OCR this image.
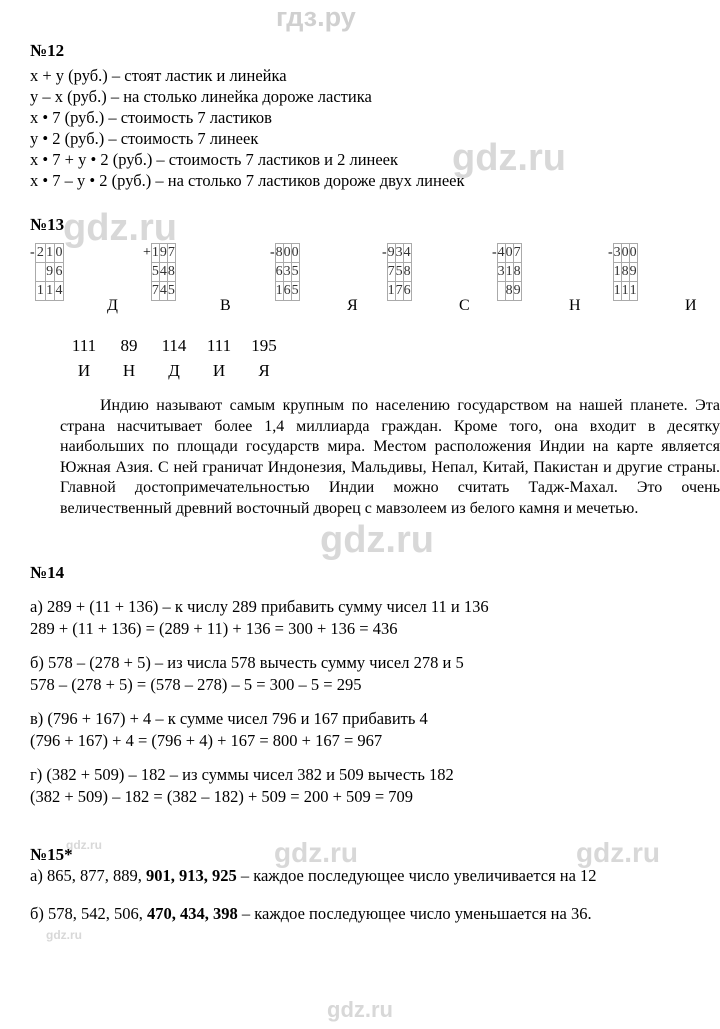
гдз.ру
gdz.ru
gdz.ru
gdz.ru
gdz.ru	gdz.ru
gdz.ru
gdz.ru
gdz.ru
№12
x + y (руб.) – стоят ластик и линейка
y – x (руб.) – на столько линейка дороже ластика
x • 7 (руб.) – стоимость 7 ластиков
y • 2 (руб.) – стоимость 7 линеек
x • 7 + y • 2 (руб.) – стоимость 7 ластиков и 2 линеек
x • 7 – y • 2 (руб.) – на столько 7 ластиков дороже двух линеек
№13
-	2	1	0
		9	6
	1	1	4
Д
+	1	9	7
	5	4	8
	7	4	5
В
-	8	0	0
	6	3	5
	1	6	5
Я
-	9	3	4
	7	5	8
	1	7	6
С
-	4	0	7
	3	1	8
		8	9
Н
-	3	0	0
	1	8	9
	1	1	1
И
111 89 114 111 195
И Н Д И Я
Индию называют самым крупным по населению государством на нашей планете. Эта страна насчитывает более 1,4 миллиарда граждан. Кроме того, она входит в десятку наибольших по площади государств мира. Местом расположения Индии на карте является Южная Азия. С ней граничат Индонезия, Мальдивы, Непал, Китай, Пакистан и другие страны. Главной достопримечательностью Индии можно считать Тадж-Махал. Это очень величественный древний восточный дворец с мавзолеем из белого камня и мечетью.
№14
а) 289 + (11 + 136) – к числу 289 прибавить сумму чисел 11 и 136
289 + (11 + 136) = (289 + 11) + 136 = 300 + 136 = 436
б) 578 – (278 + 5) – из числа 578 вычесть сумму чисел 278 и 5
578 – (278 + 5) = (578 – 278) – 5 = 300 – 5 = 295
в) (796 + 167) + 4 – к сумме чисел 796 и 167 прибавить 4
(796 + 167) + 4 = (796 + 4) + 167 = 800 + 167 = 967
г) (382 + 509) – 182 – из суммы чисел 382 и 509 вычесть 182
(382 + 509) – 182 = (382 – 182) + 509 = 200 + 509 = 709
№15*
а) 865, 877, 889, 901, 913, 925 – каждое последующее число увеличивается на 12
б) 578, 542, 506, 470, 434, 398 – каждое последующее число уменьшается на 36.
